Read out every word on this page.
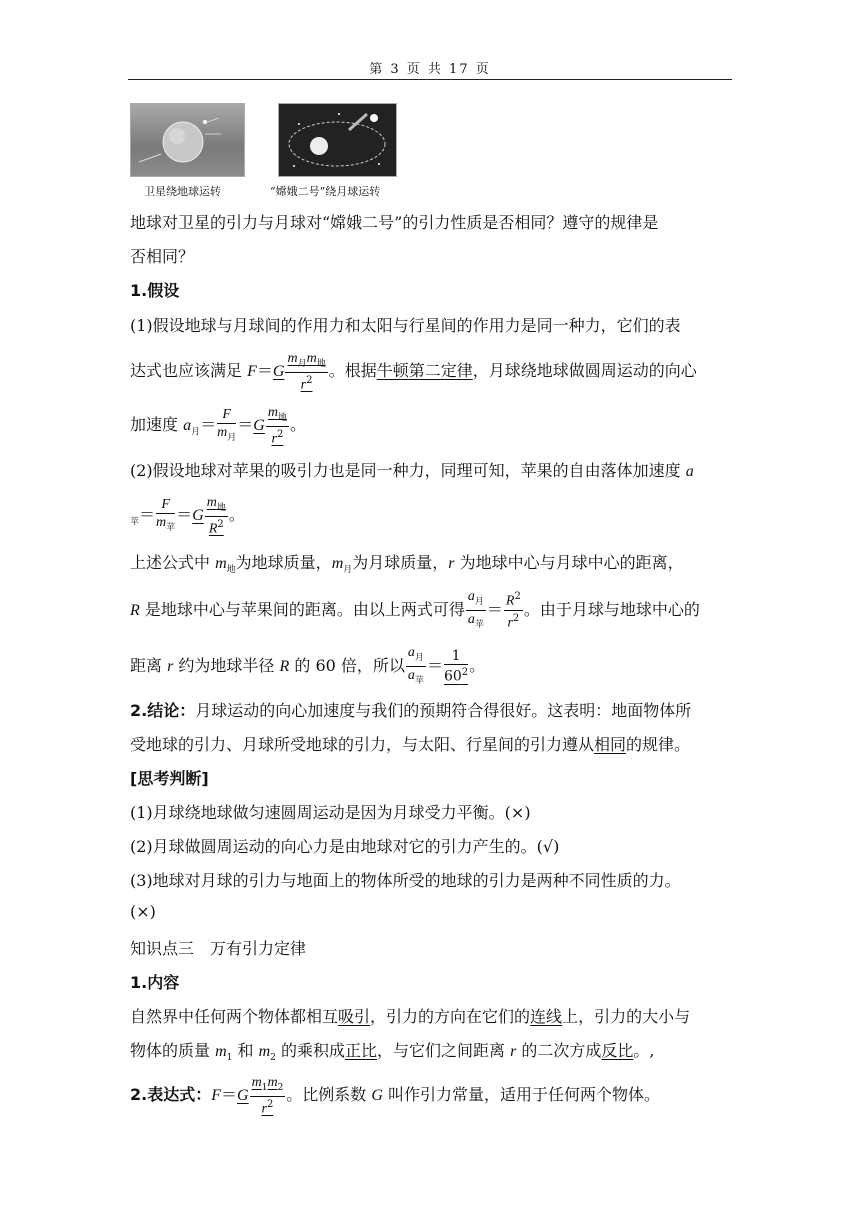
第 3 页 共 17 页
卫星绕地球运转	“嫦娥二号”绕月球运转
地球对卫星的引力与月球对“嫦娥二号”的引力性质是否相同？遵守的规律是
否相同？
1.假设
(1)假设地球与月球间的作用力和太阳与行星间的作用力是同一种力，它们的表
达式也应该满足 $F=G \frac{m_月m_地}{r^2}$ 。根据牛顿第二定律，月球绕地球做圆周运动的向心
加速度 $a_月= \frac{F}{m_月} =G \frac{m_地}{r^2}$ 。
(2)假设地球对苹果的吸引力也是同一种力，同理可知，苹果的自由落体加速度 a
$_苹= \frac{F}{m_苹} =G \frac{m_地}{R^2}$ 。
上述公式中 $m_地$为地球质量，$m_月$为月球质量，r 为地球中心与月球中心的距离，
R 是地球中心与苹果间的距离。由以上两式可得 $\frac{a_月}{a_苹} = \frac{R^2}{r^2}$ 。由于月球与地球中心的
距离 r 约为地球半径 R 的 60 倍，所以 $\frac{a_月}{a_苹} = \frac{1}{60^2}$ 。
2.结论：月球运动的向心加速度与我们的预期符合得很好。这表明：地面物体所
受地球的引力、月球所受地球的引力，与太阳、行星间的引力遵从相同的规律。
[思考判断]
(1)月球绕地球做匀速圆周运动是因为月球受力平衡。(×)
(2)月球做圆周运动的向心力是由地球对它的引力产生的。(√)
(3)地球对月球的引力与地面上的物体所受的地球的引力是两种不同性质的力。
(×)
知识点三　万有引力定律
1.内容
自然界中任何两个物体都相互吸引，引力的方向在它们的连线上，引力的大小与
物体的质量 $m_1$ 和 $m_2$ 的乘积成正比，与它们之间距离 r 的二次方成反比。,
2.表达式：$F=G \frac{m_1m_2}{r^2}$ 。比例系数 G 叫作引力常量，适用于任何两个物体。
